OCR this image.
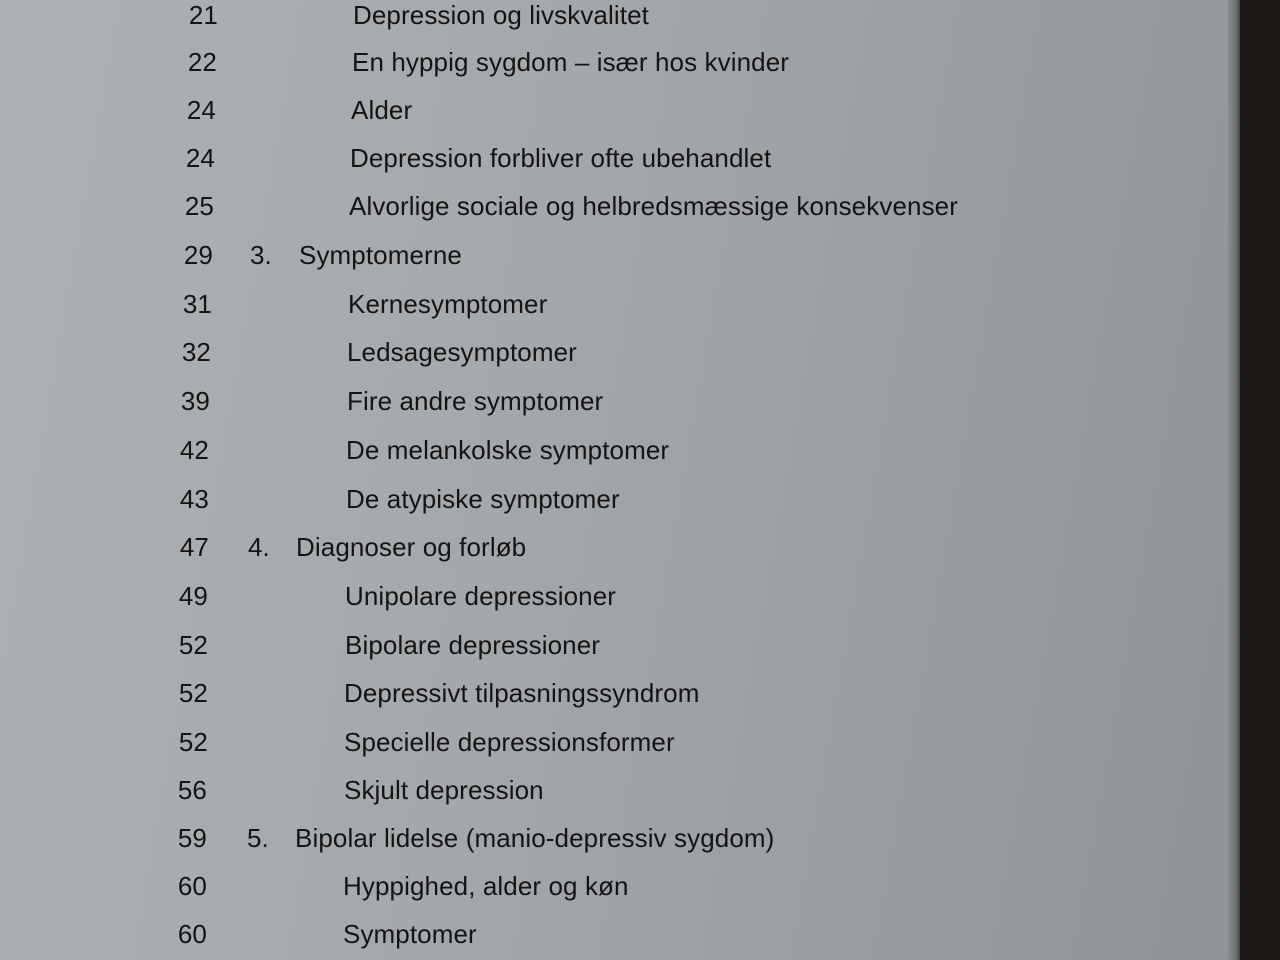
21	Depression og livskvalitet
22	En hyppig sygdom – især hos kvinder
24	Alder
24	Depression forbliver ofte ubehandlet
25	Alvorlige sociale og helbredsmæssige konsekvenser
29 3. Symptomerne
31	Kernesymptomer
32	Ledsagesymptomer
39	Fire andre symptomer
42	De melankolske symptomer
43	De atypiske symptomer
47 4. Diagnoser og forløb
49	Unipolare depressioner
52	Bipolare depressioner
52	Depressivt tilpasningssyndrom
52	Specielle depressionsformer
56	Skjult depression
59 5. Bipolar lidelse (manio-depressiv sygdom)
60	Hyppighed, alder og køn
60	Symptomer
